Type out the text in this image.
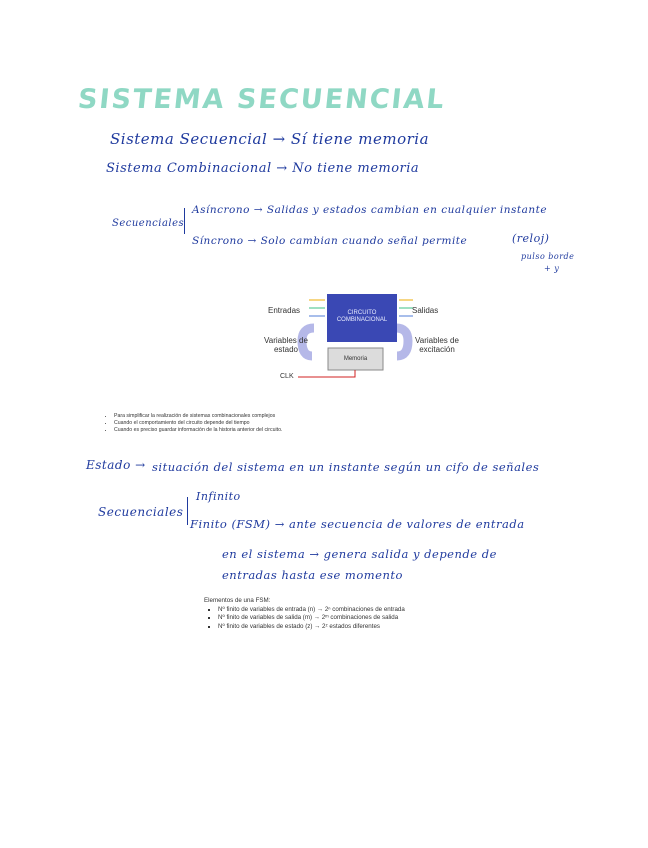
SISTEMA SECUENCIAL
Sistema Secuencial → Sí tiene memoria
Sistema Combinacional → No tiene memoria
Secuenciales
Asíncrono → Salidas y estados cambian en cualquier instante
Síncrono → Solo cambian cuando señal permite	(reloj)
pulso borde
+ y
Entradas	Salidas
CIRCUITO COMBINACIONAL
Variables de estado
Variables de excitación
Memoria
CLK
• Para simplificar la realización de sistemas combinacionales complejos
• Cuando el comportamiento del circuito depende del tiempo
• Cuando es preciso guardar información de la historia anterior del circuito.
Estado → situación del sistema en un instante según un cifo de señales
Secuenciales
Infinito
Finito (FSM) → ante secuencia de valores de entrada
en el sistema → genera salida y depende de
entradas hasta ese momento
Elementos de una FSM:
▪ Nº finito de variables de entrada (n) → 2ⁿ combinaciones de entrada
▪ Nº finito de variables de salida (m) → 2ᵐ combinaciones de salida
▪ Nº finito de variables de estado (z) → 2ᶻ estados diferentes
